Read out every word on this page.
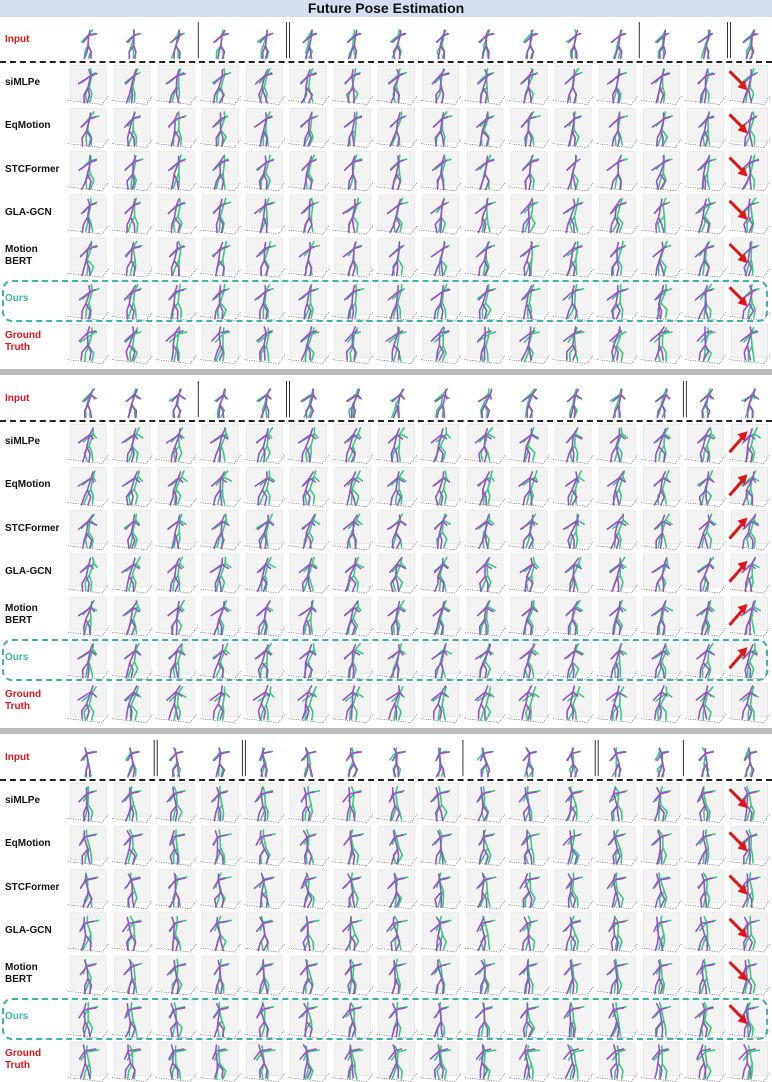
Future Pose Estimation
Input
siMLPe
EqMotion
STCFormer
GLA-GCN
Motion BERT
Ours
Ground Truth
Input
siMLPe
EqMotion
STCFormer
GLA-GCN
Motion BERT
Ours
Ground Truth
Input
siMLPe
EqMotion
STCFormer
GLA-GCN
Motion BERT
Ours
Ground Truth
